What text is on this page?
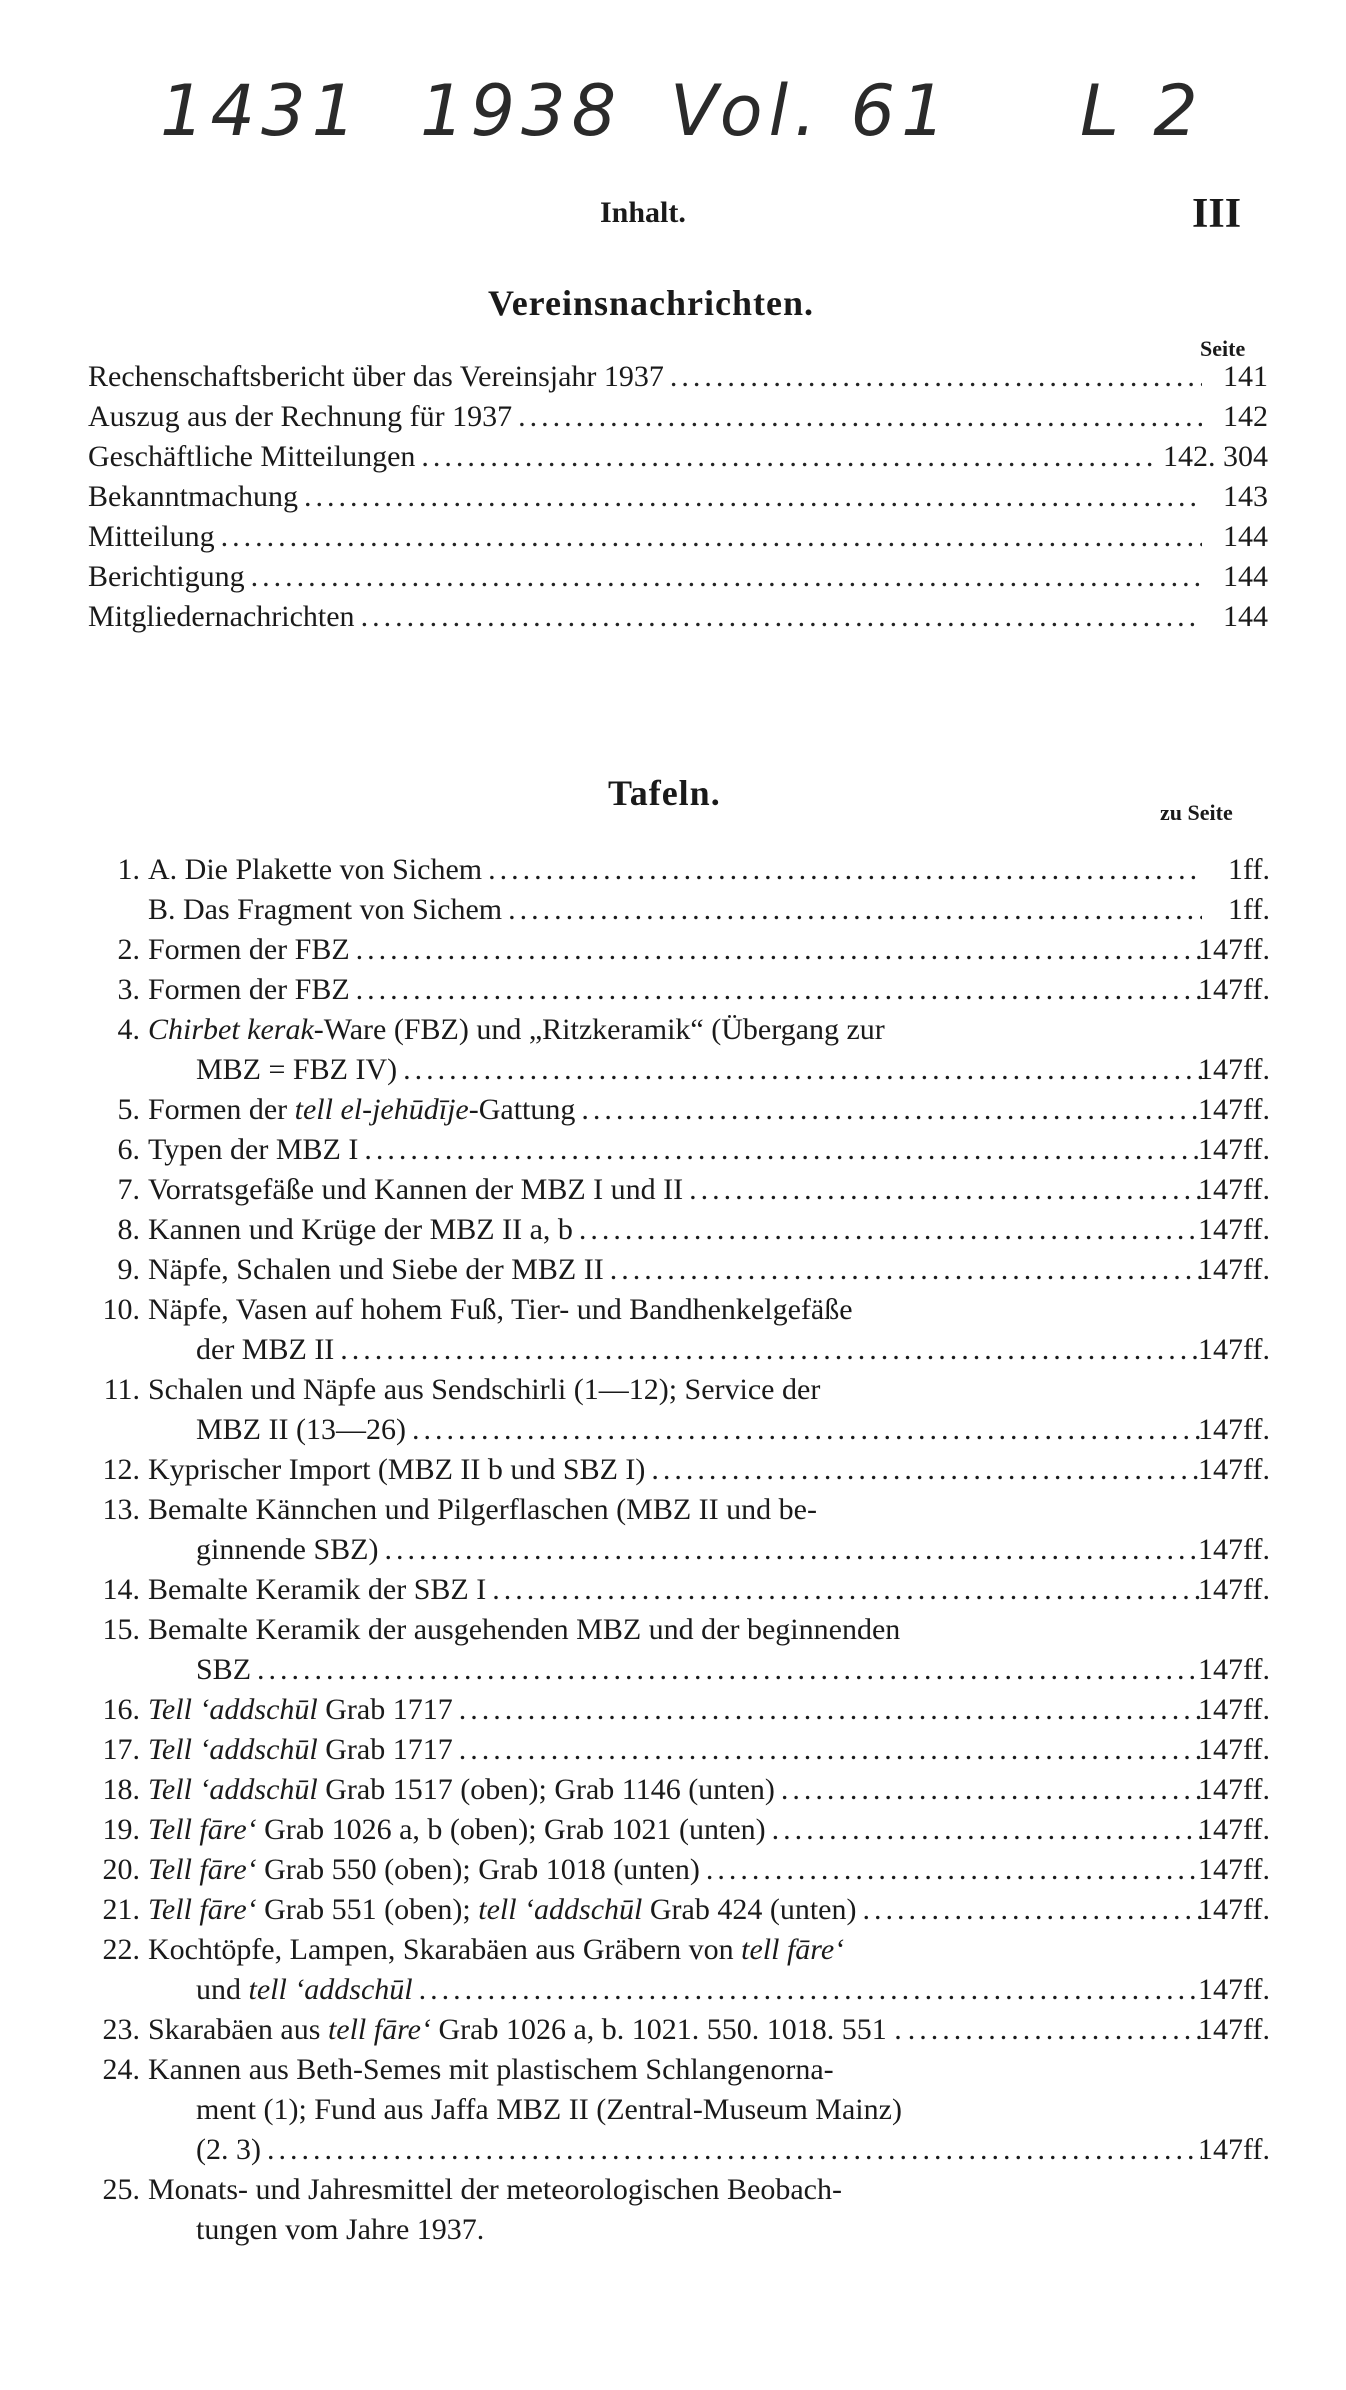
1431 1938 Vol. 61 L 2
Inhalt.	III
Vereinsnachrichten.
Seite
Rechenschaftsbericht über das Vereinsjahr 1937 .....	141
Auszug aus der Rechnung für 1937 .....	142
Geschäftliche Mitteilungen .....	142. 304
Bekanntmachung .....	143
Mitteilung .....	144
Berichtigung .....	144
Mitgliedernachrichten .....	144
Tafeln.	zu Seite
1. A. Die Plakette von Sichem .....	1ff.
B. Das Fragment von Sichem .....	1ff.
2. Formen der FBZ .....	147ff.
3. Formen der FBZ .....	147ff.
4. Chirbet kerak-Ware (FBZ) und „Ritzkeramik“ (Übergang zur
MBZ = FBZ IV) .....	147ff.
5. Formen der tell el-jehūdīje-Gattung .....	147ff.
6. Typen der MBZ I .....	147ff.
7. Vorratsgefäße und Kannen der MBZ I und II .....	147ff.
8. Kannen und Krüge der MBZ II a, b .....	147ff.
9. Näpfe, Schalen und Siebe der MBZ II .....	147ff.
10. Näpfe, Vasen auf hohem Fuß, Tier- und Bandhenkelgefäße
der MBZ II .....	147ff.
11. Schalen und Näpfe aus Sendschirli (1—12); Service der
MBZ II (13—26) .....	147ff.
12. Kyprischer Import (MBZ II b und SBZ I) .....	147ff.
13. Bemalte Kännchen und Pilgerflaschen (MBZ II und be-
ginnende SBZ) .....	147ff.
14. Bemalte Keramik der SBZ I .....	147ff.
15. Bemalte Keramik der ausgehenden MBZ und der beginnenden
SBZ .....	147ff.
16. Tell ‘addschūl Grab 1717 .....	147ff.
17. Tell ‘addschūl Grab 1717 .....	147ff.
18. Tell ‘addschūl Grab 1517 (oben); Grab 1146 (unten) .....	147ff.
19. Tell fāre‘ Grab 1026 a, b (oben); Grab 1021 (unten) .....	147ff.
20. Tell fāre‘ Grab 550 (oben); Grab 1018 (unten) .....	147ff.
21. Tell fāre‘ Grab 551 (oben); tell ‘addschūl Grab 424 (unten) .....	147ff.
22. Kochtöpfe, Lampen, Skarabäen aus Gräbern von tell fāre‘
und tell ‘addschūl .....	147ff.
23. Skarabäen aus tell fāre‘ Grab 1026 a, b. 1021. 550. 1018. 551 . .....	147ff.
24. Kannen aus Beth-Semes mit plastischem Schlangenorna-
ment (1); Fund aus Jaffa MBZ II (Zentral-Museum Mainz)
(2. 3) .....	147ff.
25. Monats- und Jahresmittel der meteorologischen Beobach-
tungen vom Jahre 1937.
